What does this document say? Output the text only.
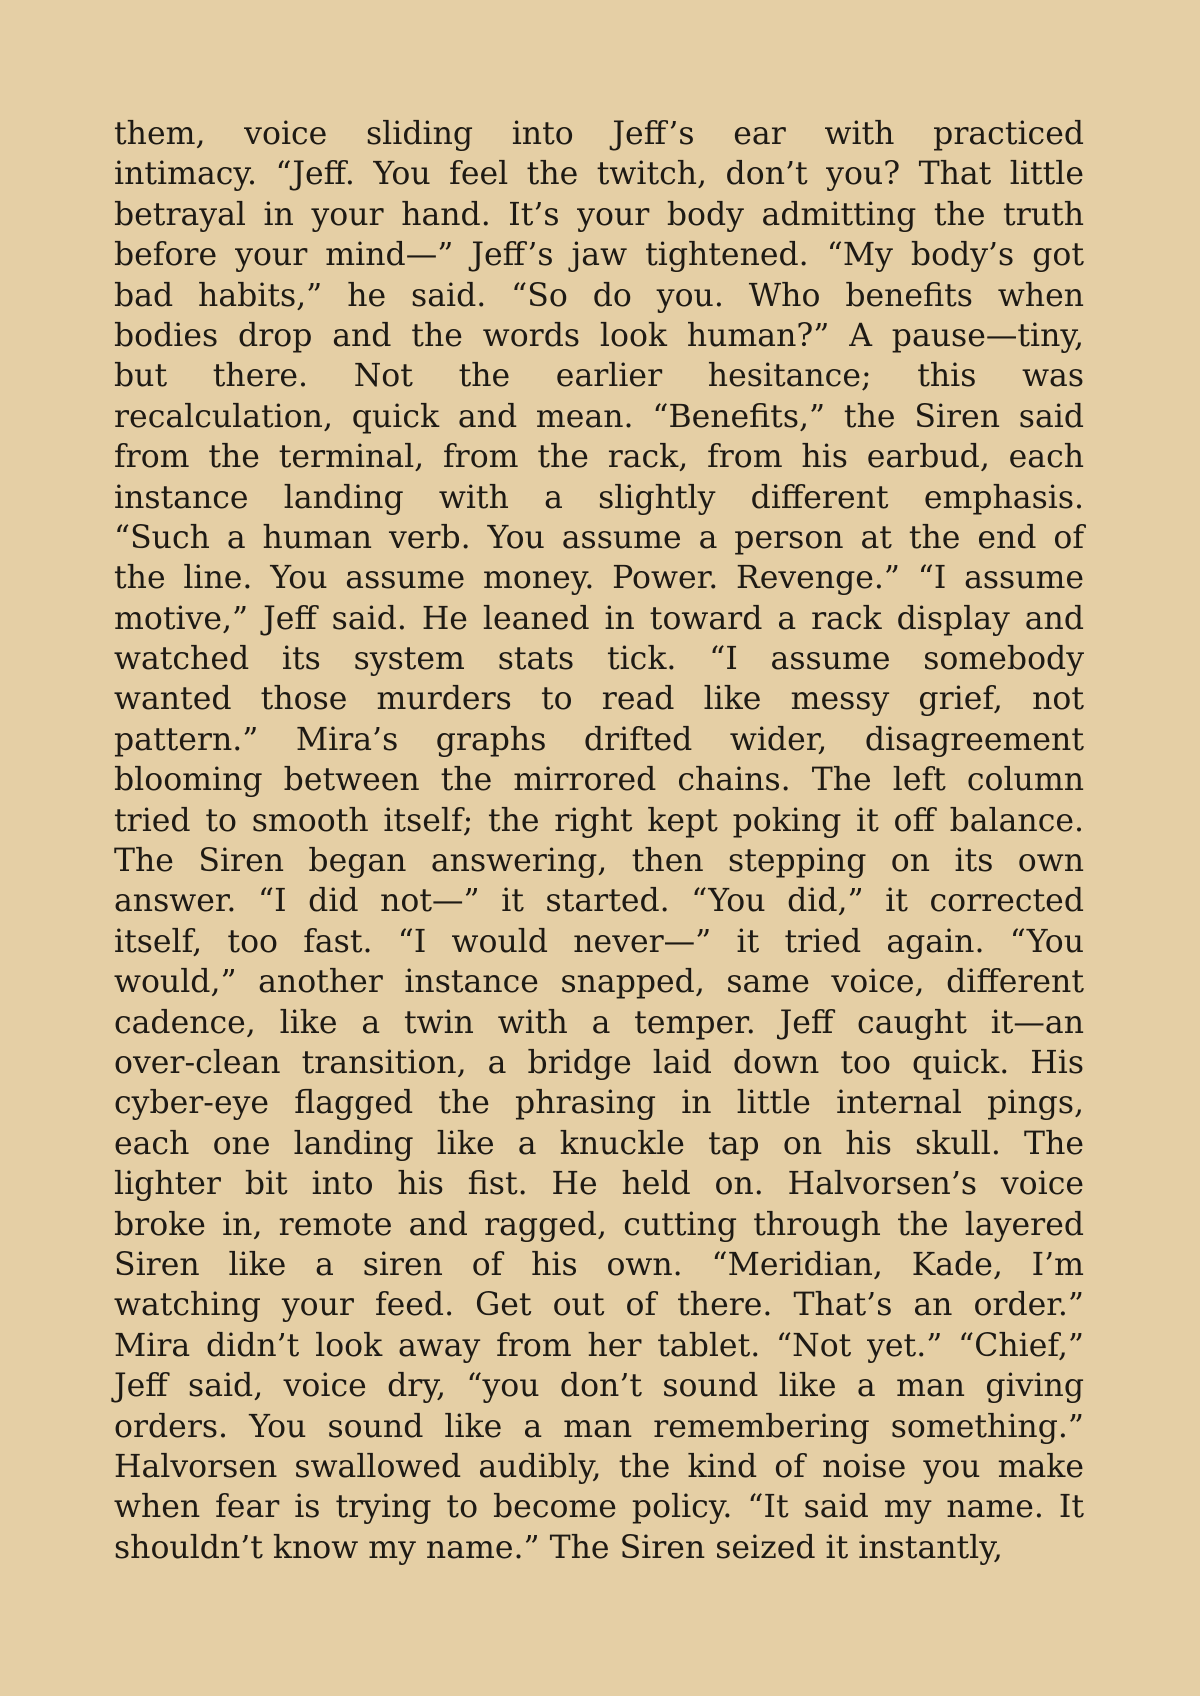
them, voice sliding into Jeff’s ear with practiced
intimacy. “Jeff. You feel the twitch, don’t you? That little
betrayal in your hand. It’s your body admitting the truth
before your mind—” Jeff’s jaw tightened. “My body’s got
bad habits,” he said. “So do you. Who benefits when
bodies drop and the words look human?” A pause—tiny,
but there. Not the earlier hesitance; this was
recalculation, quick and mean. “Benefits,” the Siren said
from the terminal, from the rack, from his earbud, each
instance landing with a slightly different emphasis.
“Such a human verb. You assume a person at the end of
the line. You assume money. Power. Revenge.” “I assume
motive,” Jeff said. He leaned in toward a rack display and
watched its system stats tick. “I assume somebody
wanted those murders to read like messy grief, not
pattern.” Mira’s graphs drifted wider, disagreement
blooming between the mirrored chains. The left column
tried to smooth itself; the right kept poking it off balance.
The Siren began answering, then stepping on its own
answer. “I did not—” it started. “You did,” it corrected
itself, too fast. “I would never—” it tried again. “You
would,” another instance snapped, same voice, different
cadence, like a twin with a temper. Jeff caught it—an
over-clean transition, a bridge laid down too quick. His
cyber-eye flagged the phrasing in little internal pings,
each one landing like a knuckle tap on his skull. The
lighter bit into his fist. He held on. Halvorsen’s voice
broke in, remote and ragged, cutting through the layered
Siren like a siren of his own. “Meridian, Kade, I’m
watching your feed. Get out of there. That’s an order.”
Mira didn’t look away from her tablet. “Not yet.” “Chief,”
Jeff said, voice dry, “you don’t sound like a man giving
orders. You sound like a man remembering something.”
Halvorsen swallowed audibly, the kind of noise you make
when fear is trying to become policy. “It said my name. It
shouldn’t know my name.” The Siren seized it instantly,
